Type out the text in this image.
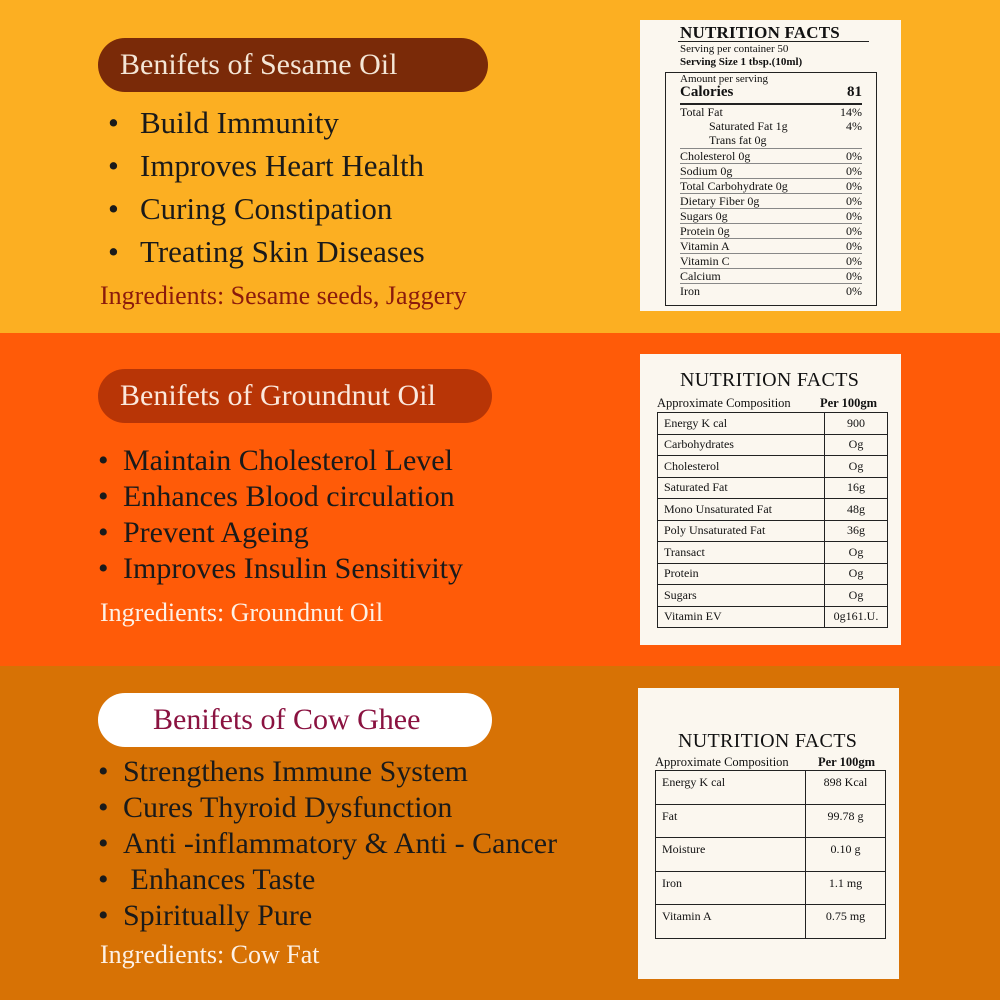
Benifets of Sesame Oil
• Build Immunity
• Improves Heart Health
• Curing Constipation
• Treating Skin Diseases
Ingredients: Sesame seeds, Jaggery
NUTRITION FACTS
Serving per container 50
Serving Size 1 tbsp.(10ml)
Amount per serving
Calories	81
Total Fat	14%
Saturated Fat 1g	4%
Trans fat 0g
Cholesterol 0g	0%
Sodium 0g	0%
Total Carbohydrate 0g	0%
Dietary Fiber 0g	0%
Sugars 0g	0%
Protein 0g	0%
Vitamin A	0%
Vitamin C	0%
Calcium	0%
Iron	0%
Benifets of Groundnut Oil
• Maintain Cholesterol Level
• Enhances Blood circulation
• Prevent Ageing
• Improves Insulin Sensitivity
Ingredients: Groundnut Oil
NUTRITION FACTS
Approximate Composition Per 100gm
Energy K cal	900
Carbohydrates	Og
Cholesterol	Og
Saturated Fat	16g
Mono Unsaturated Fat	48g
Poly Unsaturated Fat	36g
Transact	Og
Protein	Og
Sugars	Og
Vitamin EV	0g161.U.
Benifets of Cow Ghee
• Strengthens Immune System
• Cures Thyroid Dysfunction
• Anti -inflammatory & Anti - Cancer
• Enhances Taste
• Spiritually Pure
Ingredients: Cow Fat
NUTRITION FACTS
Approximate Composition Per 100gm
Energy K cal	898 Kcal
Fat	99.78 g
Moisture	0.10 g
Iron	1.1 mg
Vitamin A	0.75 mg
